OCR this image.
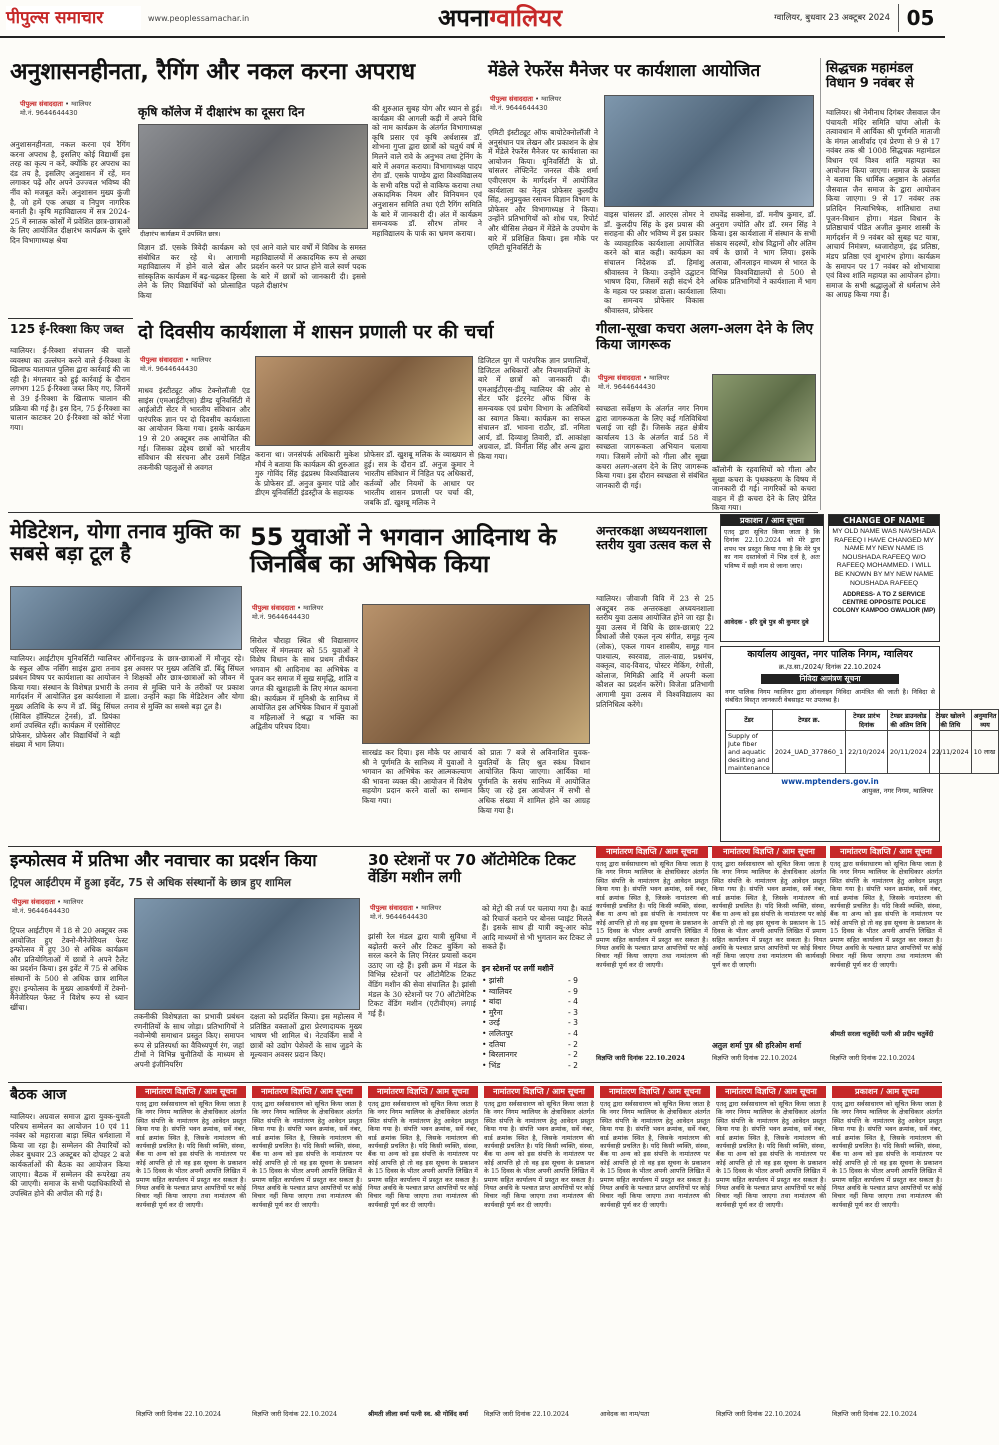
पीपुल्स समाचार	www.peoplessamachar.in	अपनाग्वालियर	ग्वालियर, बुधवार 23 अक्टूबर 2024 05
अनुशासनहीनता, रैगिंग और नकल करना अपराध
पीपुल्स संवाददाता • ग्वालियर
मो.नं. 9644644430	कृषि कॉलेज में दीक्षारंभ का दूसरा दिन
दीक्षारंभ कार्यक्रम में उपस्थित छात्र।
अनुशासनहीनता, नकल करना एवं रैगिंग करना अपराध है, इसलिए कोई विद्यार्थी इस तरह का कृत्य न करें, क्योंकि हर अपराध का दंड तय है, इसलिए अनुशासन में रहें, मन लगाकर पढ़ें और अपने उज्ज्वल भविष्य की नींव को मजबूत करें। अनुशासन मुख्य कुंजी है, जो हमें एक अच्छा व निपुण नागरिक बनाती है। कृषि महाविद्यालय में सत्र 2024-25 में स्नातक कोर्सों में प्रवेशित छात्र-छात्राओं के लिए आयोजित दीक्षारंभ कार्यक्रम के दूसरे दिन विभागाध्यक्ष श्रेया
विज्ञान डॉ. एसके त्रिवेदी कार्यक्रम को संबोधित कर रहे थे। आगामी महाविद्यालय में होने वाले खेल और सांस्कृतिक कार्यक्रम में बढ़-चढ़कर हिस्सा लेने के लिए विद्यार्थियों को प्रोत्साहित किया
एवं आने वाले चार वर्षों में विविध के समस्त महाविद्यालयों में अकादमिक रूप से अच्छा प्रदर्शन करने पर प्राप्त होने वाले स्वर्ण पदक के बारे में छात्रों को जानकारी दी। इससे पहले दीक्षारंभ
की शुरुआत सुबह योग और ध्यान से हुई। कार्यक्रम की आगली कड़ी में अपने विधि को नाम कार्यक्रम के अंतर्गत विभागाध्यक्ष कृषि प्रसार एवं कृषि अर्थशास्त्र डॉ. शोभना गुप्ता द्वारा छात्रों को चतुर्थ वर्ष में मिलने वाले रावे के अनुभव तथा ट्रेनिंग के बारे में अवगत कराया। विभागाध्यक्ष पादप रोग डॉ. एसके पाण्डेय द्वारा विश्वविद्यालय के सभी वरिष्ठ पदों से वाकिफ कराया तथा अकादमिक नियम और विनियमन एवं अनुशासन समिति तथा एंटी रैगिंग समिति के बारे में जानकारी दी। अंत में कार्यक्रम समन्वयक डॉ. सौरभ तोमर ने महाविद्यालय के पार्क का भ्रमण कराया।
मेंडेले रेफरेंस मैनेजर पर कार्यशाला आयोजित
पीपुल्स संवाददाता • ग्वालियर
मो.नं. 9644644430
एमिटी इंस्टीट्यूट ऑफ बायोटेक्नोलॉजी ने अनुसंधान पत्र लेखन और प्रकाशन के क्षेत्र में मेंडेले रेफरेंस मैनेजर पर कार्यशाला का आयोजन किया। यूनिवर्सिटी के प्रो. चांसलर लेफ्टिनेंट जनरल वीके शर्मा एवीएसएम के मार्गदर्शन में आयोजित कार्यशाला का नेतृत्व प्रोफेसर कुलदीप सिंह, अनुप्रयुक्त रसायन विज्ञान विभाग के प्रोफेसर और विभागाध्यक्ष ने किया। उन्होंने प्रतिभागियों को शोध पत्र, रिपोर्ट और थीसिस लेखन में मेंडेले के उपयोग के बारे में प्रशिक्षित किया। इस मौके पर एमिटी यूनिवर्सिटी के
वाइस चांसलर डॉ. आरएस तोमर ने डॉ. कुलदीप सिंह के इस प्रयास की सराहना की और भविष्य में इस प्रकार के व्यावहारिक कार्यशाला आयोजित करने को बात कही। कार्यक्रम का संचालन निदेशक डॉ. हिमांशु श्रीवास्तव ने किया। उन्होंने उद्घाटन भाषण दिया, जिसमें सही संदर्भ देने के महत्व पर प्रकाश डाला। कार्यशाला का समन्वय प्रोफेसर विकास श्रीवास्तव, प्रोफेसर
राघवेंद्र सक्सेना, डॉ. मनीष कुमार, डॉ. अनुराग ज्योति और डॉ. रमन सिंह ने किया। इस कार्यशाला में संस्थान के सभी संकाय सदस्यों, शोध विद्वानों और अंतिम वर्ष के छात्रों ने भाग लिया। इसके अलावा, ऑनलाइन माध्यम से भारत के विभिन्न विश्वविद्यालयों से 500 से अधिक प्रतिभागियों ने कार्यशाला में भाग लिया।
सिद्धचक्र महामंडल विधान 9 नवंबर से
ग्वालियर। श्री नेमीनाथ दिगंबर जैसवाल जैन पंचायती मंदिर समिति चांपा ओली के तत्वावधान में आर्यिका श्री पूर्णमति माताजी के मंगल आशीर्वाद एवं प्रेरणा से 9 से 17 नवंबर तक श्री 1008 सिद्धचक्र महामंडल विधान एवं विश्व शांति महायज्ञ का आयोजन किया जाएगा। समाज के प्रवक्ता ने बताया कि धार्मिक अनुष्ठान के अंतर्गत जैसवाल जैन समाज के द्वारा आयोजन किया जाएगा। 9 से 17 नवंबर तक प्रतिदिन नित्याभिषेक, शांतिधारा तथा पूजन-विधान होगा। मंडल विधान के प्रतिष्ठाचार्य पंडित अजीत कुमार शास्त्री के मार्गदर्शन में 9 नवंबर को सुबह घट यात्रा, आचार्य निमंत्रण, ध्वजारोहण, इंद्र प्रतिष्ठा, मंडप प्रतिष्ठा एवं शुभारंभ होगा। कार्यक्रम के समापन पर 17 नवंबर को शोभायात्रा एवं विश्व शांति महायज्ञ का आयोजन होगा। समाज के सभी श्रद्धालुओं से धर्मलाभ लेने का आग्रह किया गया है।
125 ई-रिक्शा किए जब्त
ग्वालियर। ई-रिक्शा संचालन की चालों व्यवस्था का उल्लंघन करने वाले ई-रिक्शा के खिलाफ यातायात पुलिस द्वारा कार्रवाई की जा रही है। मंगलवार को हुई कार्रवाई के दौरान लगभग 125 ई-रिक्शा जब्त किए गए, जिनमें से 39 ई-रिक्शा के खिलाफ चालान की प्रक्रिया की गई है। इस दिन, 75 ई-रिक्शा का चालान काटकर 20 ई-रिक्शा को कोर्ट भेजा गया।
दो दिवसीय कार्यशाला में शासन प्रणाली पर की चर्चा
पीपुल्स संवाददाता • ग्वालियर
मो.नं. 9644644430
माधव इंस्टीट्यूट ऑफ टेक्नोलॉजी एंड साइंस (एमआईटीएस) डीम्ड यूनिवर्सिटी में आईओटी सेंटर में भारतीय संविधान और पारंपरिक ज्ञान पर दो दिवसीय कार्यशाला का आयोजन किया गया। इसके कार्यक्रम 19 से 20 अक्टूबर तक आयोजित की गई। जिसका उद्देश्य छात्रों को भारतीय संविधान की संरचना और उसमें निहित तकनीकी पहलुओं से अवगत
कराना था। जनसंपर्क अधिकारी मुकेश मौर्य ने बताया कि कार्यक्रम की शुरुआत गुरु गोविंद सिंह इंद्रप्रस्थ विश्वविद्यालय के प्रोफेसर डॉ. अनुज कुमार पांडे और डीएम यूनिवर्सिटी इंडस्ट्रीज के सहायक
प्रोफेसर डॉ. खुशबू मलिक के व्याख्यान से हुई। सत्र के दौरान डॉ. अनुज कुमार ने भारतीय संविधान में निहित पद अधिकारों, कर्तव्यों और नियमों के आधार पर भारतीय शासन प्रणाली पर चर्चा की, जबकि डॉ. खुशबू मलिक ने
डिजिटल युग में पारंपरिक ज्ञान प्रणालियों, डिजिटल अधिकारों और नियमावलियों के बारे में छात्रों को जानकारी दी। एमआईटीएस-डीयू ग्वालियर की ओर से सेंटर फॉर इंटरनेट ऑफ थिंग्स के समन्वयक एवं प्रयोग विभाग के अतिथियों का स्वागत किया। कार्यक्रम का सफल संचालन डॉ. भावना राठौर, डॉ. नमिता आर्य, डॉ. दिव्याशु तिवारी, डॉ. आकांक्षा अग्रवाल, डॉ. विनीता सिंह और अन्य द्वारा किया गया।
गीला-सूखा कचरा अलग-अलग देने के लिए किया जागरूक
पीपुल्स संवाददाता • ग्वालियर
मो.नं. 9644644430
स्वच्छता सर्वेक्षण के अंतर्गत नगर निगम द्वारा जागरूकता के लिए कई गतिविधियां चलाई जा रही हैं। जिसके तहत क्षेत्रीय कार्यालय 13 के अंतर्गत वार्ड 58 में स्वच्छता जागरूकता अभियान चलाया गया। जिसमें लोगों को गीला और सूखा कचरा अलग-अलग देने के लिए जागरूक किया गया। इस दौरान स्वच्छता से संबंधित जानकारी दी गई।
कॉलोनी के रहवासियों को गीला और सूखा कचरा के पृथक्करण के विषय में जानकारी दी गई। नागरिकों को कचरा वाहन में ही कचरा देने के लिए प्रेरित किया गया।
मेडिटेशन, योगा तनाव मुक्ति का सबसे बड़ा टूल है
ग्वालियर। आईटीएम यूनिवर्सिटी ग्वालियर के स्कूल ऑफ नर्सिंग साइंस द्वारा तनाव प्रबंधन विषय पर कार्यशाला का आयोजन किया गया। संस्थान के विशेषज्ञ प्रभारी के मार्गदर्शन में आयोजित इस कार्यशाला में मुख्य अतिथि के रूप में डॉ. बिंदु सिंघल (सिविल हॉस्पिटल ट्रेनर्स), डॉ. प्रियंका शर्मा उपस्थित रहीं। कार्यक्रम में एसोसिएट प्रोफेसर, प्रोफेसर और विद्यार्थियों ने बड़ी संख्या में भाग लिया।
ऑर्गेनाइज्ड के छात्र-छात्राओं में मौजूद रहे। इस अवसर पर मुख्य अतिथि डॉ. बिंदु सिंघल ने शिक्षकों और छात्र-छात्राओं को जीवन में तनाव से मुक्ति पाने के तरीकों पर प्रकाश डाला। उन्होंने कहा कि मेडिटेशन और योगा तनाव से मुक्ति का सबसे बड़ा टूल है।
55 युवाओं ने भगवान आदिनाथ के जिनबिंब का अभिषेक किया
पीपुल्स संवाददाता • ग्वालियर
मो.नं. 9644644430
सिरोल चौराहा स्थित श्री विद्यासागर परिसर में मंगलवार को 55 युवाओं ने विशेष विधान के साथ प्रथम तीर्थंकर भगवान श्री आदिनाथ का अभिषेक व पूजन कर समाज में सुख समृद्धि, शांति व जगत की खुशहाली के लिए मंगल कामना की। कार्यक्रम में मुनिश्री के सानिध्य में आयोजित इस अभिषेक विधान में युवाओं व महिलाओं ने श्रद्धा व भक्ति का अद्वितीय परिचय दिया।
सारखंड कर दिया। इस मौके पर आचार्य श्री ने पूर्णमति के सानिध्य में युवाओं ने भगवान का अभिषेक कर आत्मकल्याण की भावना व्यक्त की। आयोजन में विशेष सहयोग प्रदान करने वालों का सम्मान किया गया।
को प्रातः 7 बजे से अविनाशित युवक-युवतियों के लिए श्रुत स्कंध विधान आयोजित किया जाएगा। आर्यिका मां पूर्णमति के ससंघ सानिध्य में आयोजित किए जा रहे इस आयोजन में सभी से अधिक संख्या में शामिल होने का आग्रह किया गया है।
अन्तरकक्षा अध्ययनशाला स्तरीय युवा उत्सव कल से
ग्वालियर। जीवाजी विवि में 23 से 25 अक्टूबर तक अन्तरकक्षा अध्ययनशाला स्तरीय युवा उत्सव आयोजित होने जा रहा है। युवा उत्सव में विधि के छात्र-छात्राएं 22 विधाओं जैसे एकल नृत्य संगीत, समूह नृत्य (लोक), एकल गायन शास्त्रीय, समूह गान पाश्चात्य, स्वरवाद्य, ताल-वाद्य, प्रश्नमंच, वक्तृत्व, वाद-विवाद, पोस्टर मेकिंग, रंगोली, कोलाज, मिमिक्री आदि में अपनी कला कौशल का प्रदर्शन करेंगे। विजेता प्रतिभागी आगामी युवा उत्सव में विश्वविद्यालय का प्रतिनिधित्व करेंगे।
प्रकाशन / आम सूचना
एतद् द्वारा सूचित किया जाता है कि दिनांक 22.10.2024 को मेरे द्वारा शपथ पत्र प्रस्तुत किया गया है कि मेरे पुत्र का नाम दस्तावेजों में भिन्न दर्ज है, अतः भविष्य में सही नाम से जाना जाए।
आवेदक - हरि दुबे पुत्र श्री कुमार दुबे
CHANGE OF NAME
MY OLD NAME WAS NAVSHADA RAFEEQ I HAVE CHANGED MY NAME MY NEW NAME IS NOUSHADA RAFEEQ W/O RAFEEQ MOHAMMED. I WILL BE KNOWN BY MY NEW NAME NOUSHADA RAFEEQ
ADDRESS- A TO Z SERVICE CENTRE OPPOSITE POLICE COLONY KAMPOO GWALIOR (MP)
कार्यालय आयुक्त, नगर पालिक निगम, ग्वालियर
क्र./उ.सा./2024/ दिनांक 22.10.2024
निविदा आमंत्रण सूचना
नगर पालिक निगम ग्वालियर द्वारा ऑनलाइन निविदा आमंत्रित की जाती है। निविदा से संबंधित विस्तृत जानकारी वेबसाइट पर उपलब्ध है।
टेंडर	टेण्डर क्र.	टेण्डर प्रारंभ दिनांक	टेण्डर डाउनलोड की अंतिम तिथि	टेण्डर खोलने की तिथि	अनुमानित व्यय
Supply of Jute fiber and aquatic desilting and maintenance	2024_UAD_377860_1	22/10/2024	20/11/2024	22/11/2024	10 लाख
www.mptenders.gov.in
आयुक्त, नगर निगम, ग्वालियर
इन्फोत्सव में प्रतिभा और नवाचार का प्रदर्शन किया
ट्रिपल आईटीएम में हुआ इवेंट, 75 से अधिक संस्थानों के छात्र हुए शामिल
पीपुल्स संवाददाता • ग्वालियर
मो.नं. 9644644430
ट्रिपल आईटीएम में 18 से 20 अक्टूबर तक आयोजित हुए टेक्नो-मैनेजेरियल फेस्ट इन्फोत्सव में हुए 30 से अधिक कार्यक्रम और प्रतियोगिताओं में छात्रों ने अपने टैलेंट का प्रदर्शन किया। इस इवेंट में 75 से अधिक संस्थानों के 500 से अधिक छात्र शामिल हुए। इन्फोत्सव के मुख्य आकर्षणों में टेक्नो-मैनेजेरियल फेस्ट ने विशेष रूप से ध्यान खींचा।
तकनीकी विशेषज्ञता का प्रभावी प्रबंधन रणनीतियों के साथ जोड़ा। प्रतिभागियों ने नवोन्मेषी समाधान प्रस्तुत किए। समापन रूप से प्रतिस्पर्धा का वैविध्यपूर्ण रंग, जहां टीमों ने विभिन्न चुनौतियों के माध्यम से अपनी इंजीनियरिंग
दक्षता को प्रदर्शित किया। इस महोत्सव में प्रतिष्ठित वक्ताओं द्वारा प्रेरणादायक मुख्य भाषण भी शामिल थे। नेटवर्किंग सत्रों ने छात्रों को उद्योग पेशेवरों के साथ जुड़ने के मूल्यवान अवसर प्रदान किए।
30 स्टेशनों पर 70 ऑटोमेटिक टिकट वेंडिंग मशीन लगी
पीपुल्स संवाददाता • ग्वालियर
मो.नं. 9644644430
झांसी रेल मंडल द्वारा यात्री सुविधा में बढ़ोतरी करने और टिकट बुकिंग को सरल करने के लिए निरंतर प्रयासों कदम उठाए जा रहे हैं। इसी क्रम में मंडल के विभिन्न स्टेशनों पर ऑटोमैटिक टिकट वेंडिंग मशीन की सेवा संचालित है। झांसी मंडल के 30 स्टेशनों पर 70 ऑटोमेटिक टिकट वेंडिंग मशीन (एटीवीएम) लगाई गई हैं।
को मेट्रो की तर्ज पर चलाया गया है। कार्ड को रिचार्ज कराने पर बोनस प्वाइंट मिलते हैं। इसके साथ ही यात्री क्यू-आर कोड आदि माध्यमों से भी भुगतान कर टिकट ले सकते हैं।
इन स्टेशनों पर लगीं मशीनें
• झांसी	- 9
• ग्वालियर	- 9
• बांदा	- 4
• मुरैना	- 3
• उरई	- 3
• ललितपुर	- 4
• दतिया	- 2
• बिरलानगर	- 2
• भिंड	- 2
नामांतरण विज्ञप्ति / आम सूचना
एतद् द्वारा सर्वसाधारण को सूचित किया जाता है कि नगर निगम ग्वालियर के क्षेत्राधिकार अंतर्गत स्थित संपत्ति के नामांतरण हेतु आवेदन प्रस्तुत किया गया है। संपत्ति भवन क्रमांक, सर्वे नंबर, वार्ड क्रमांक स्थित है, जिसके नामांतरण की कार्यवाही प्रचलित है। यदि किसी व्यक्ति, संस्था, बैंक या अन्य को इस संपत्ति के नामांतरण पर कोई आपत्ति हो तो वह इस सूचना के प्रकाशन के 15 दिवस के भीतर अपनी आपत्ति लिखित में प्रमाण सहित कार्यालय में प्रस्तुत कर सकता है। नियत अवधि के पश्चात प्राप्त आपत्तियों पर कोई विचार नहीं किया जाएगा तथा नामांतरण की कार्यवाही पूर्ण कर दी जाएगी।
विज्ञप्ति जारी दिनांक 22.10.2024
नामांतरण विज्ञप्ति / आम सूचना
एतद् द्वारा सर्वसाधारण को सूचित किया जाता है कि नगर निगम ग्वालियर के क्षेत्राधिकार अंतर्गत स्थित संपत्ति के नामांतरण हेतु आवेदन प्रस्तुत किया गया है। संपत्ति भवन क्रमांक, सर्वे नंबर, वार्ड क्रमांक स्थित है, जिसके नामांतरण की कार्यवाही प्रचलित है। यदि किसी व्यक्ति, संस्था, बैंक या अन्य को इस संपत्ति के नामांतरण पर कोई आपत्ति हो तो वह इस सूचना के प्रकाशन के 15 दिवस के भीतर अपनी आपत्ति लिखित में प्रमाण सहित कार्यालय में प्रस्तुत कर सकता है। नियत अवधि के पश्चात प्राप्त आपत्तियों पर कोई विचार नहीं किया जाएगा तथा नामांतरण की कार्यवाही पूर्ण कर दी जाएगी।
अतुल शर्मा पुत्र श्री हरिओम शर्मा
विज्ञप्ति जारी दिनांक 22.10.2024
नामांतरण विज्ञप्ति / आम सूचना
एतद् द्वारा सर्वसाधारण को सूचित किया जाता है कि नगर निगम ग्वालियर के क्षेत्राधिकार अंतर्गत स्थित संपत्ति के नामांतरण हेतु आवेदन प्रस्तुत किया गया है। संपत्ति भवन क्रमांक, सर्वे नंबर, वार्ड क्रमांक स्थित है, जिसके नामांतरण की कार्यवाही प्रचलित है। यदि किसी व्यक्ति, संस्था, बैंक या अन्य को इस संपत्ति के नामांतरण पर कोई आपत्ति हो तो वह इस सूचना के प्रकाशन के 15 दिवस के भीतर अपनी आपत्ति लिखित में प्रमाण सहित कार्यालय में प्रस्तुत कर सकता है। नियत अवधि के पश्चात प्राप्त आपत्तियों पर कोई विचार नहीं किया जाएगा तथा नामांतरण की कार्यवाही पूर्ण कर दी जाएगी।
श्रीमती सरला चतुर्वेदी पत्नी श्री प्रदीप चतुर्वेदी
विज्ञप्ति जारी दिनांक 22.10.2024
बैठक आज
ग्वालियर। अग्रवाल समाज द्वारा युवक-युवती परिचय सम्मेलन का आयोजन 10 एवं 11 नवंबर को महाराजा बाड़ा स्थित धर्मशाला में किया जा रहा है। सम्मेलन की तैयारियों को लेकर बुधवार 23 अक्टूबर को दोपहर 2 बजे कार्यकर्ताओं की बैठक का आयोजन किया जाएगा। बैठक में सम्मेलन की रूपरेखा तय की जाएगी। समाज के सभी पदाधिकारियों से उपस्थित होने की अपील की गई है।
नामांतरण विज्ञप्ति / आम सूचना
एतद् द्वारा सर्वसाधारण को सूचित किया जाता है कि नगर निगम ग्वालियर के क्षेत्राधिकार अंतर्गत स्थित संपत्ति के नामांतरण हेतु आवेदन प्रस्तुत किया गया है। संपत्ति भवन क्रमांक, सर्वे नंबर, वार्ड क्रमांक स्थित है, जिसके नामांतरण की कार्यवाही प्रचलित है। यदि किसी व्यक्ति, संस्था, बैंक या अन्य को इस संपत्ति के नामांतरण पर कोई आपत्ति हो तो वह इस सूचना के प्रकाशन के 15 दिवस के भीतर अपनी आपत्ति लिखित में प्रमाण सहित कार्यालय में प्रस्तुत कर सकता है। नियत अवधि के पश्चात प्राप्त आपत्तियों पर कोई विचार नहीं किया जाएगा तथा नामांतरण की कार्यवाही पूर्ण कर दी जाएगी।
विज्ञप्ति जारी दिनांक 22.10.2024
नामांतरण विज्ञप्ति / आम सूचना
एतद् द्वारा सर्वसाधारण को सूचित किया जाता है कि नगर निगम ग्वालियर के क्षेत्राधिकार अंतर्गत स्थित संपत्ति के नामांतरण हेतु आवेदन प्रस्तुत किया गया है। संपत्ति भवन क्रमांक, सर्वे नंबर, वार्ड क्रमांक स्थित है, जिसके नामांतरण की कार्यवाही प्रचलित है। यदि किसी व्यक्ति, संस्था, बैंक या अन्य को इस संपत्ति के नामांतरण पर कोई आपत्ति हो तो वह इस सूचना के प्रकाशन के 15 दिवस के भीतर अपनी आपत्ति लिखित में प्रमाण सहित कार्यालय में प्रस्तुत कर सकता है। नियत अवधि के पश्चात प्राप्त आपत्तियों पर कोई विचार नहीं किया जाएगा तथा नामांतरण की कार्यवाही पूर्ण कर दी जाएगी।
विज्ञप्ति जारी दिनांक 22.10.2024
नामांतरण विज्ञप्ति / आम सूचना
एतद् द्वारा सर्वसाधारण को सूचित किया जाता है कि नगर निगम ग्वालियर के क्षेत्राधिकार अंतर्गत स्थित संपत्ति के नामांतरण हेतु आवेदन प्रस्तुत किया गया है। संपत्ति भवन क्रमांक, सर्वे नंबर, वार्ड क्रमांक स्थित है, जिसके नामांतरण की कार्यवाही प्रचलित है। यदि किसी व्यक्ति, संस्था, बैंक या अन्य को इस संपत्ति के नामांतरण पर कोई आपत्ति हो तो वह इस सूचना के प्रकाशन के 15 दिवस के भीतर अपनी आपत्ति लिखित में प्रमाण सहित कार्यालय में प्रस्तुत कर सकता है। नियत अवधि के पश्चात प्राप्त आपत्तियों पर कोई विचार नहीं किया जाएगा तथा नामांतरण की कार्यवाही पूर्ण कर दी जाएगी।
श्रीमती लीला वर्मा पत्नी स्व. श्री गोविंद वर्मा
नामांतरण विज्ञप्ति / आम सूचना
एतद् द्वारा सर्वसाधारण को सूचित किया जाता है कि नगर निगम ग्वालियर के क्षेत्राधिकार अंतर्गत स्थित संपत्ति के नामांतरण हेतु आवेदन प्रस्तुत किया गया है। संपत्ति भवन क्रमांक, सर्वे नंबर, वार्ड क्रमांक स्थित है, जिसके नामांतरण की कार्यवाही प्रचलित है। यदि किसी व्यक्ति, संस्था, बैंक या अन्य को इस संपत्ति के नामांतरण पर कोई आपत्ति हो तो वह इस सूचना के प्रकाशन के 15 दिवस के भीतर अपनी आपत्ति लिखित में प्रमाण सहित कार्यालय में प्रस्तुत कर सकता है। नियत अवधि के पश्चात प्राप्त आपत्तियों पर कोई विचार नहीं किया जाएगा तथा नामांतरण की कार्यवाही पूर्ण कर दी जाएगी।
विज्ञप्ति जारी दिनांक 22.10.2024
नामांतरण विज्ञप्ति / आम सूचना
एतद् द्वारा सर्वसाधारण को सूचित किया जाता है कि नगर निगम ग्वालियर के क्षेत्राधिकार अंतर्गत स्थित संपत्ति के नामांतरण हेतु आवेदन प्रस्तुत किया गया है। संपत्ति भवन क्रमांक, सर्वे नंबर, वार्ड क्रमांक स्थित है, जिसके नामांतरण की कार्यवाही प्रचलित है। यदि किसी व्यक्ति, संस्था, बैंक या अन्य को इस संपत्ति के नामांतरण पर कोई आपत्ति हो तो वह इस सूचना के प्रकाशन के 15 दिवस के भीतर अपनी आपत्ति लिखित में प्रमाण सहित कार्यालय में प्रस्तुत कर सकता है। नियत अवधि के पश्चात प्राप्त आपत्तियों पर कोई विचार नहीं किया जाएगा तथा नामांतरण की कार्यवाही पूर्ण कर दी जाएगी।
आवेदक का नाम/पता
नामांतरण विज्ञप्ति / आम सूचना
एतद् द्वारा सर्वसाधारण को सूचित किया जाता है कि नगर निगम ग्वालियर के क्षेत्राधिकार अंतर्गत स्थित संपत्ति के नामांतरण हेतु आवेदन प्रस्तुत किया गया है। संपत्ति भवन क्रमांक, सर्वे नंबर, वार्ड क्रमांक स्थित है, जिसके नामांतरण की कार्यवाही प्रचलित है। यदि किसी व्यक्ति, संस्था, बैंक या अन्य को इस संपत्ति के नामांतरण पर कोई आपत्ति हो तो वह इस सूचना के प्रकाशन के 15 दिवस के भीतर अपनी आपत्ति लिखित में प्रमाण सहित कार्यालय में प्रस्तुत कर सकता है। नियत अवधि के पश्चात प्राप्त आपत्तियों पर कोई विचार नहीं किया जाएगा तथा नामांतरण की कार्यवाही पूर्ण कर दी जाएगी।
विज्ञप्ति जारी दिनांक 22.10.2024
प्रकाशन / आम सूचना
एतद् द्वारा सर्वसाधारण को सूचित किया जाता है कि नगर निगम ग्वालियर के क्षेत्राधिकार अंतर्गत स्थित संपत्ति के नामांतरण हेतु आवेदन प्रस्तुत किया गया है। संपत्ति भवन क्रमांक, सर्वे नंबर, वार्ड क्रमांक स्थित है, जिसके नामांतरण की कार्यवाही प्रचलित है। यदि किसी व्यक्ति, संस्था, बैंक या अन्य को इस संपत्ति के नामांतरण पर कोई आपत्ति हो तो वह इस सूचना के प्रकाशन के 15 दिवस के भीतर अपनी आपत्ति लिखित में प्रमाण सहित कार्यालय में प्रस्तुत कर सकता है। नियत अवधि के पश्चात प्राप्त आपत्तियों पर कोई विचार नहीं किया जाएगा तथा नामांतरण की कार्यवाही पूर्ण कर दी जाएगी।
विज्ञप्ति जारी दिनांक 22.10.2024
